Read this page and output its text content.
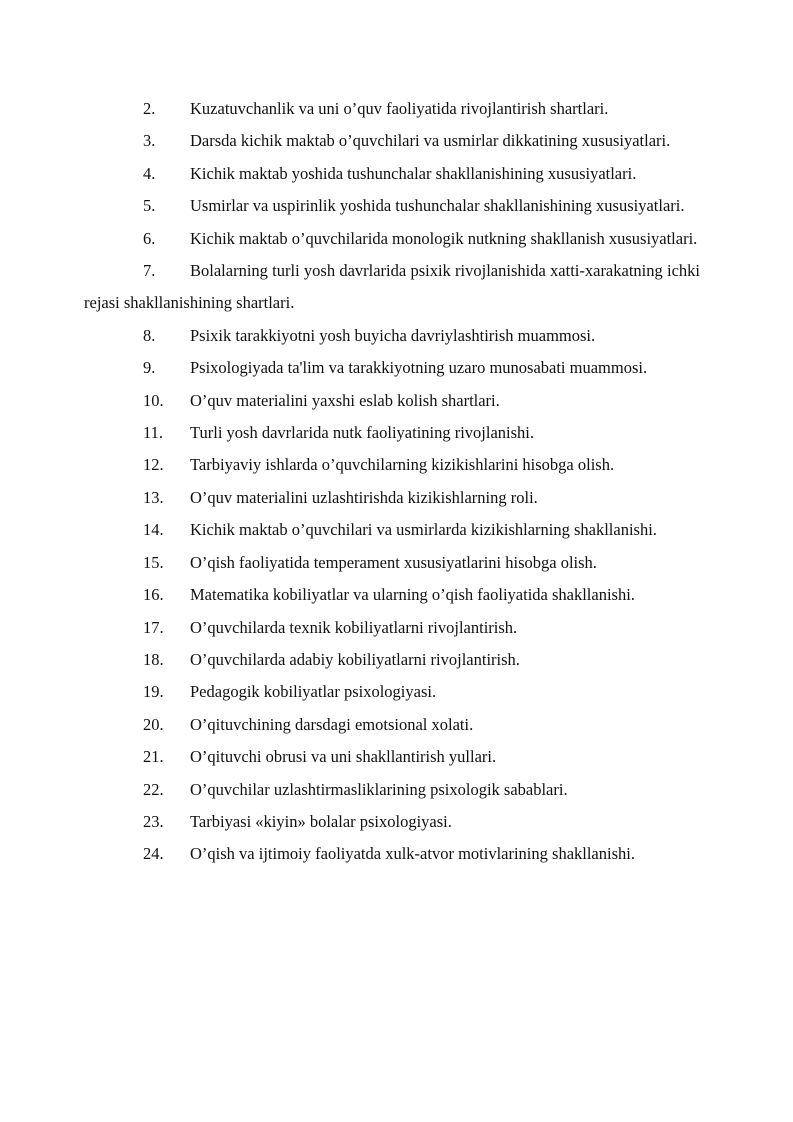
2. Kuzatuvchanlik va uni o’quv faoliyatida rivojlantirish shartlari.
3. Darsda kichik maktab o’quvchilari va usmirlar dikkatining xususiyatlari.
4. Kichik maktab yoshida tushunchalar shakllanishining xususiyatlari.
5. Usmirlar va uspirinlik yoshida tushunchalar shakllanishining xususiyatlari.
6. Kichik maktab o’quvchilarida monologik nutkning shakllanish xususiyatlari.
7. Bolalarning turli yosh davrlarida psixik rivojlanishida xatti-xarakatning ichki rejasi shakllanishining shartlari.
8. Psixik tarakkiyotni yosh buyicha davriylashtirish muammosi.
9. Psixologiyada ta'lim va tarakkiyotning uzaro munosabati muammosi.
10. O’quv materialini yaxshi eslab kolish shartlari.
11. Turli yosh davrlarida nutk faoliyatining rivojlanishi.
12. Tarbiyaviy ishlarda o’quvchilarning kizikishlarini hisobga olish.
13. O’quv materialini uzlashtirishda kizikishlarning roli.
14. Kichik maktab o’quvchilari va usmirlarda kizikishlarning shakllanishi.
15. O’qish faoliyatida temperament xususiyatlarini hisobga olish.
16. Matematika kobiliyatlar va ularning o’qish faoliyatida shakllanishi.
17. O’quvchilarda texnik kobiliyatlarni rivojlantirish.
18. O’quvchilarda adabiy kobiliyatlarni rivojlantirish.
19. Pedagogik kobiliyatlar psixologiyasi.
20. O’qituvchining darsdagi emotsional xolati.
21. O’qituvchi obrusi va uni shakllantirish yullari.
22. O’quvchilar uzlashtirmasliklarining psixologik sabablari.
23. Tarbiyasi «kiyin» bolalar psixologiyasi.
24. O’qish va ijtimoiy faoliyatda xulk-atvor motivlarining shakllanishi.
